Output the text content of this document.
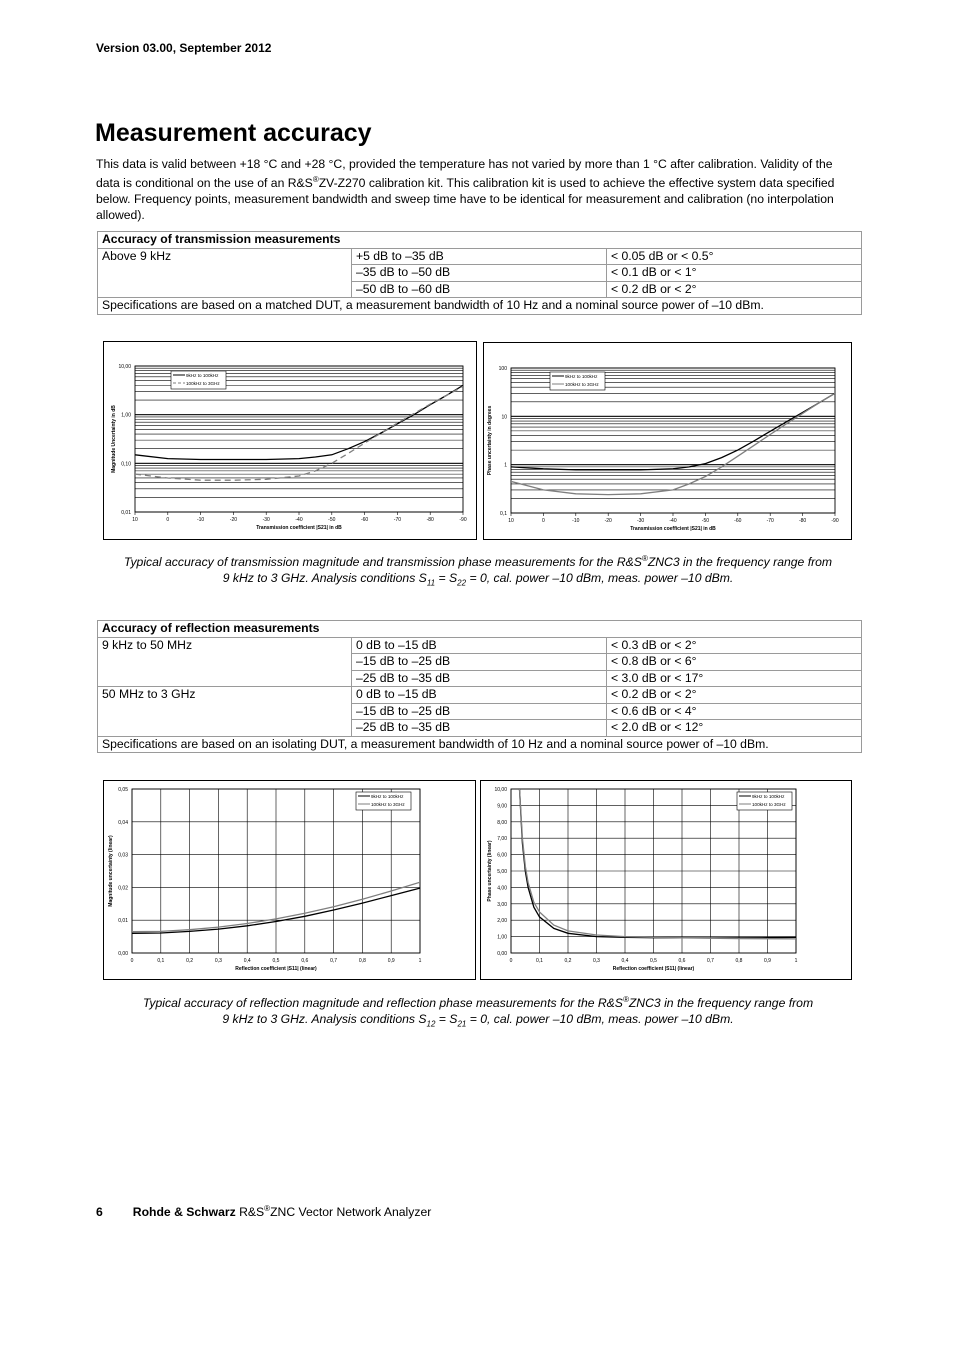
Version 03.00, September 2012
Measurement accuracy

This data is valid between +18 °C and +28 °C, provided the temperature has not varied by more than 1 °C after calibration. Validity of the data is conditional on the use of an R&S®ZV-Z270 calibration kit. This calibration kit is used to achieve the effective system data specified below. Frequency points, measurement bandwidth and sweep time have to be identical for measurement and calibration (no interpolation allowed).

Accuracy of transmission measurements		
Above 9 kHz	+5 dB to –35 dB	< 0.05 dB or < 0.5°
	–35 dB to –50 dB	< 0.1 dB or < 1°
	–50 dB to –60 dB	< 0.2 dB or < 2°
Specifications are based on a matched DUT, a measurement bandwidth of 10 Hz and a nominal source power of –10 dBm.		
10,00
1,00
0,10
0,01
10	0	-10	-20	-30	-40	-50	-60	-70	-80	-90
Transmission coefficient |S21| in dB
Magnitude Uncertainty in dB
9kHz to 100kHz
100kHz to 3GHz
100
10
1
0,1
10	0	-10	-20	-30	-40	-50	-60	-70	-80	-90
Transmission coefficient |S21| in dB
Phase uncertainty in degrees
9kHz to 100kHz
100kHz to 3GHz
Typical accuracy of transmission magnitude and transmission phase measurements for the R&S®ZNC3 in the frequency range from
9 kHz to 3 GHz. Analysis conditions $S_{11} = S_{22} = 0$, cal. power –10 dBm, meas. power –10 dBm.
Accuracy of reflection measurements		
9 kHz to 50 MHz	0 dB to –15 dB	< 0.3 dB or < 2°
	–15 dB to –25 dB	< 0.8 dB or < 6°
	–25 dB to –35 dB	< 3.0 dB or < 17°
50 MHz to 3 GHz	0 dB to –15 dB	< 0.2 dB or < 2°
	–15 dB to –25 dB	< 0.6 dB or < 4°
	–25 dB to –35 dB	< 2.0 dB or < 12°
Specifications are based on an isolating DUT, a measurement bandwidth of 10 Hz and a nominal source power of –10 dBm.		
0,05
0,04
0,03
0,02
0,01
0,00
0	0,1	0,2	0,3	0,4	0,5	0,6	0,7	0,8	0,9	1
Reflection coefficient |S11| (linear)
Magnitude uncertainty (linear)
9kHz to 100kHz
100kHz to 3GHz
10,00
9,00
8,00
7,00
6,00
5,00
4,00
3,00
2,00
1,00
0,00
0	0,1	0,2	0,3	0,4	0,5	0,6	0,7	0,8	0,9	1
Reflection coefficient |S11| (linear)
Phase uncertainty (linear)
9kHz to 100kHz
100kHz to 3GHz
Typical accuracy of reflection magnitude and reflection phase measurements for the R&S®ZNC3 in the frequency range from
9 kHz to 3 GHz. Analysis conditions $S_{12} = S_{21} = 0$, cal. power –10 dBm, meas. power –10 dBm.
6 Rohde & Schwarz R&S®ZNC Vector Network Analyzer
